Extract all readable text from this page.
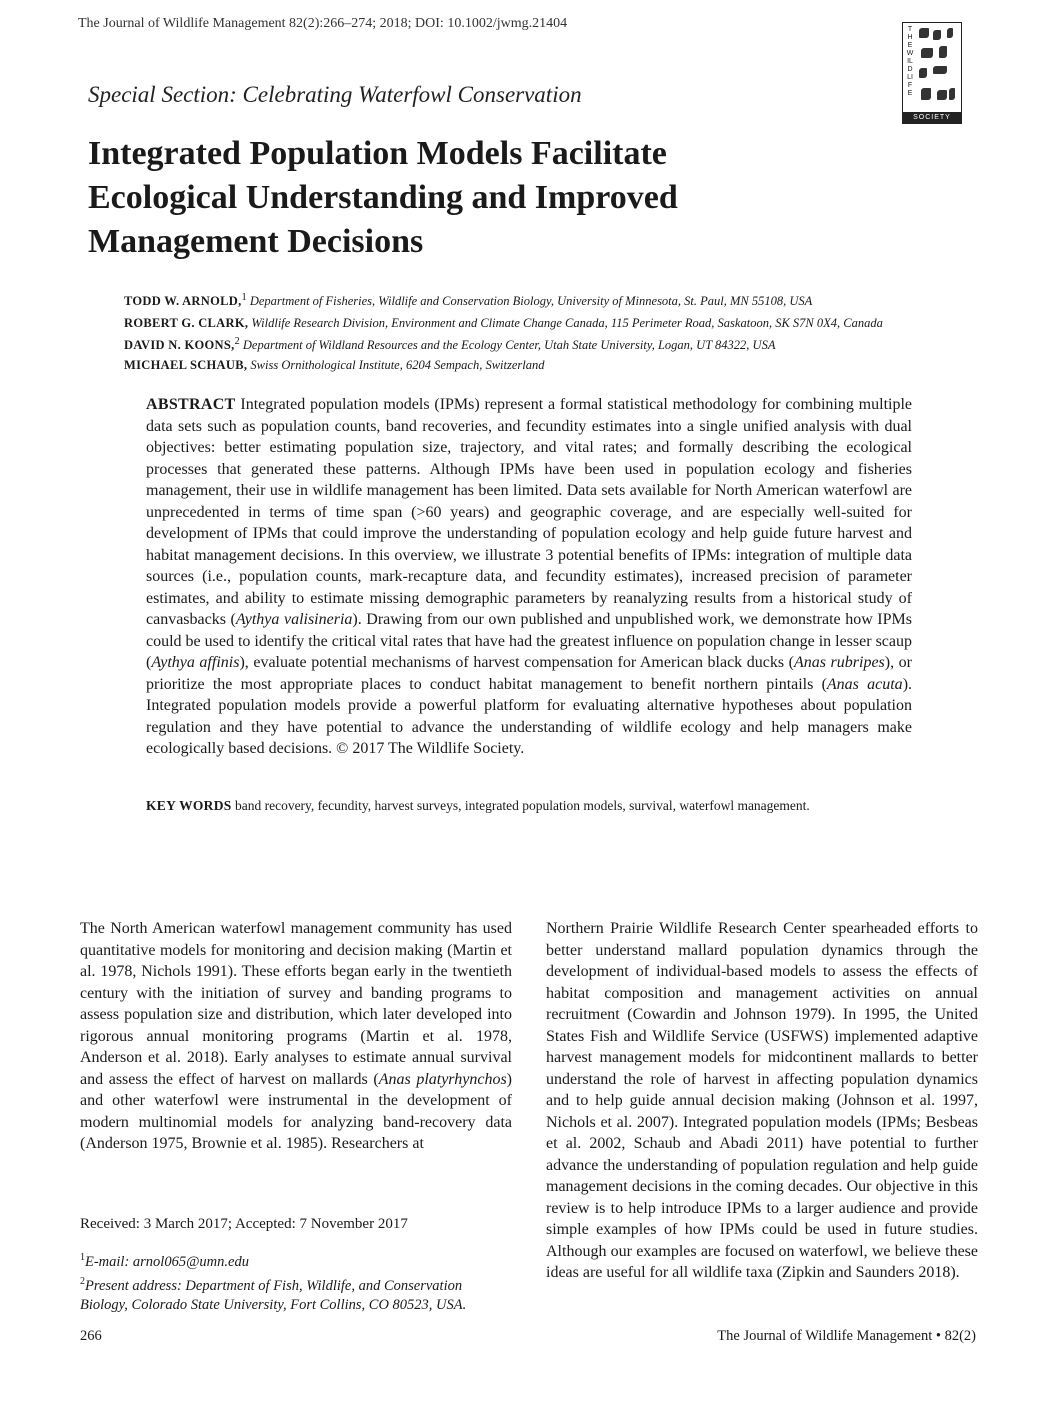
The Journal of Wildlife Management 82(2):266–274; 2018; DOI: 10.1002/jwmg.21404	THE WILDLIFE
SOCIETY
Special Section: Celebrating Waterfowl Conservation
Integrated Population Models Facilitate
Ecological Understanding and Improved
Management Decisions
TODD W. ARNOLD,$^1$ Department of Fisheries, Wildlife and Conservation Biology, University of Minnesota, St. Paul, MN 55108, USA
ROBERT G. CLARK, Wildlife Research Division, Environment and Climate Change Canada, 115 Perimeter Road, Saskatoon, SK S7N 0X4, Canada
DAVID N. KOONS,$^2$ Department of Wildland Resources and the Ecology Center, Utah State University, Logan, UT 84322, USA
MICHAEL SCHAUB, Swiss Ornithological Institute, 6204 Sempach, Switzerland
ABSTRACT Integrated population models (IPMs) represent a formal statistical methodology for combining multiple data sets such as population counts, band recoveries, and fecundity estimates into a single unified analysis with dual objectives: better estimating population size, trajectory, and vital rates; and formally describing the ecological processes that generated these patterns. Although IPMs have been used in population ecology and fisheries management, their use in wildlife management has been limited. Data sets available for North American waterfowl are unprecedented in terms of time span (>60 years) and geographic coverage, and are especially well-suited for development of IPMs that could improve the understanding of population ecology and help guide future harvest and habitat management decisions. In this overview, we illustrate 3 potential benefits of IPMs: integration of multiple data sources (i.e., population counts, mark-recapture data, and fecundity estimates), increased precision of parameter estimates, and ability to estimate missing demographic parameters by reanalyzing results from a historical study of canvasbacks (Aythya valisineria). Drawing from our own published and unpublished work, we demonstrate how IPMs could be used to identify the critical vital rates that have had the greatest influence on population change in lesser scaup (Aythya affinis), evaluate potential mechanisms of harvest compensation for American black ducks (Anas rubripes), or prioritize the most appropriate places to conduct habitat management to benefit northern pintails (Anas acuta). Integrated population models provide a powerful platform for evaluating alternative hypotheses about population regulation and they have potential to advance the understanding of wildlife ecology and help managers make ecologically based decisions. © 2017 The Wildlife Society.
KEY WORDS band recovery, fecundity, harvest surveys, integrated population models, survival, waterfowl management.
The North American waterfowl management community has used quantitative models for monitoring and decision making (Martin et al. 1978, Nichols 1991). These efforts began early in the twentieth century with the initiation of survey and banding programs to assess population size and distribution, which later developed into rigorous annual monitoring programs (Martin et al. 1978, Anderson et al. 2018). Early analyses to estimate annual survival and assess the effect of harvest on mallards (Anas platyrhynchos) and other waterfowl were instrumental in the development of modern multinomial models for analyzing band-recovery data (Anderson 1975, Brownie et al. 1985). Researchers at
Northern Prairie Wildlife Research Center spearheaded efforts to better understand mallard population dynamics through the development of individual-based models to assess the effects of habitat composition and management activities on annual recruitment (Cowardin and Johnson 1979). In 1995, the United States Fish and Wildlife Service (USFWS) implemented adaptive harvest management models for midcontinent mallards to better understand the role of harvest in affecting population dynamics and to help guide annual decision making (Johnson et al. 1997, Nichols et al. 2007). Integrated population models (IPMs; Besbeas et al. 2002, Schaub and Abadi 2011) have potential to further advance the understanding of population regulation and help guide management decisions in the coming decades. Our objective in this review is to help introduce IPMs to a larger audience and provide simple examples of how IPMs could be used in future studies. Although our examples are focused on waterfowl, we believe these ideas are useful for all wildlife taxa (Zipkin and Saunders 2018).
Received: 3 March 2017; Accepted: 7 November 2017
$^1$E-mail: arnol065@umn.edu
$^2$Present address: Department of Fish, Wildlife, and Conservation Biology, Colorado State University, Fort Collins, CO 80523, USA.
266	The Journal of Wildlife Management • 82(2)
